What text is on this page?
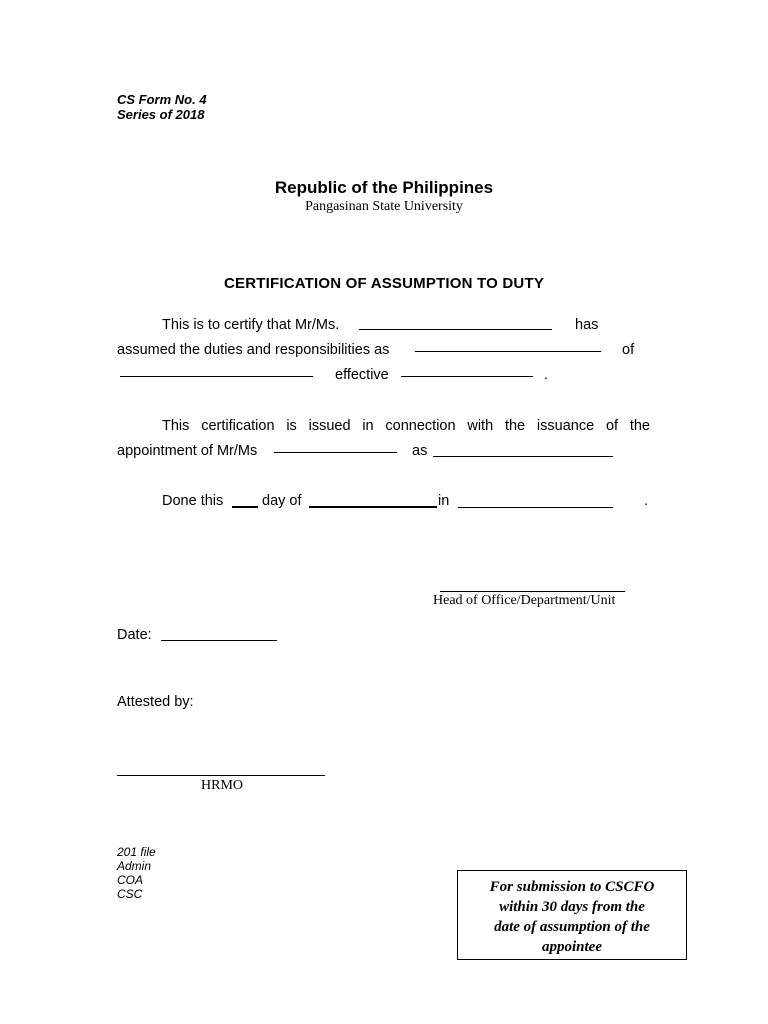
CS Form No. 4
Series of 2018
Republic of the Philippines
Pangasinan State University
CERTIFICATION OF ASSUMPTION TO DUTY
This is to certify that Mr/Ms.	has
assumed the duties and responsibilities as	of
effective	.
This certification is issued in connection with the issuance of the
appointment of Mr/Ms	as
Done this	day of	in	.
Head of Office/Department/Unit
Date:
Attested by:
HRMO
201 file
Admin
COA
CSC	For submission to CSCFO
within 30 days from the
date of assumption of the
appointee
